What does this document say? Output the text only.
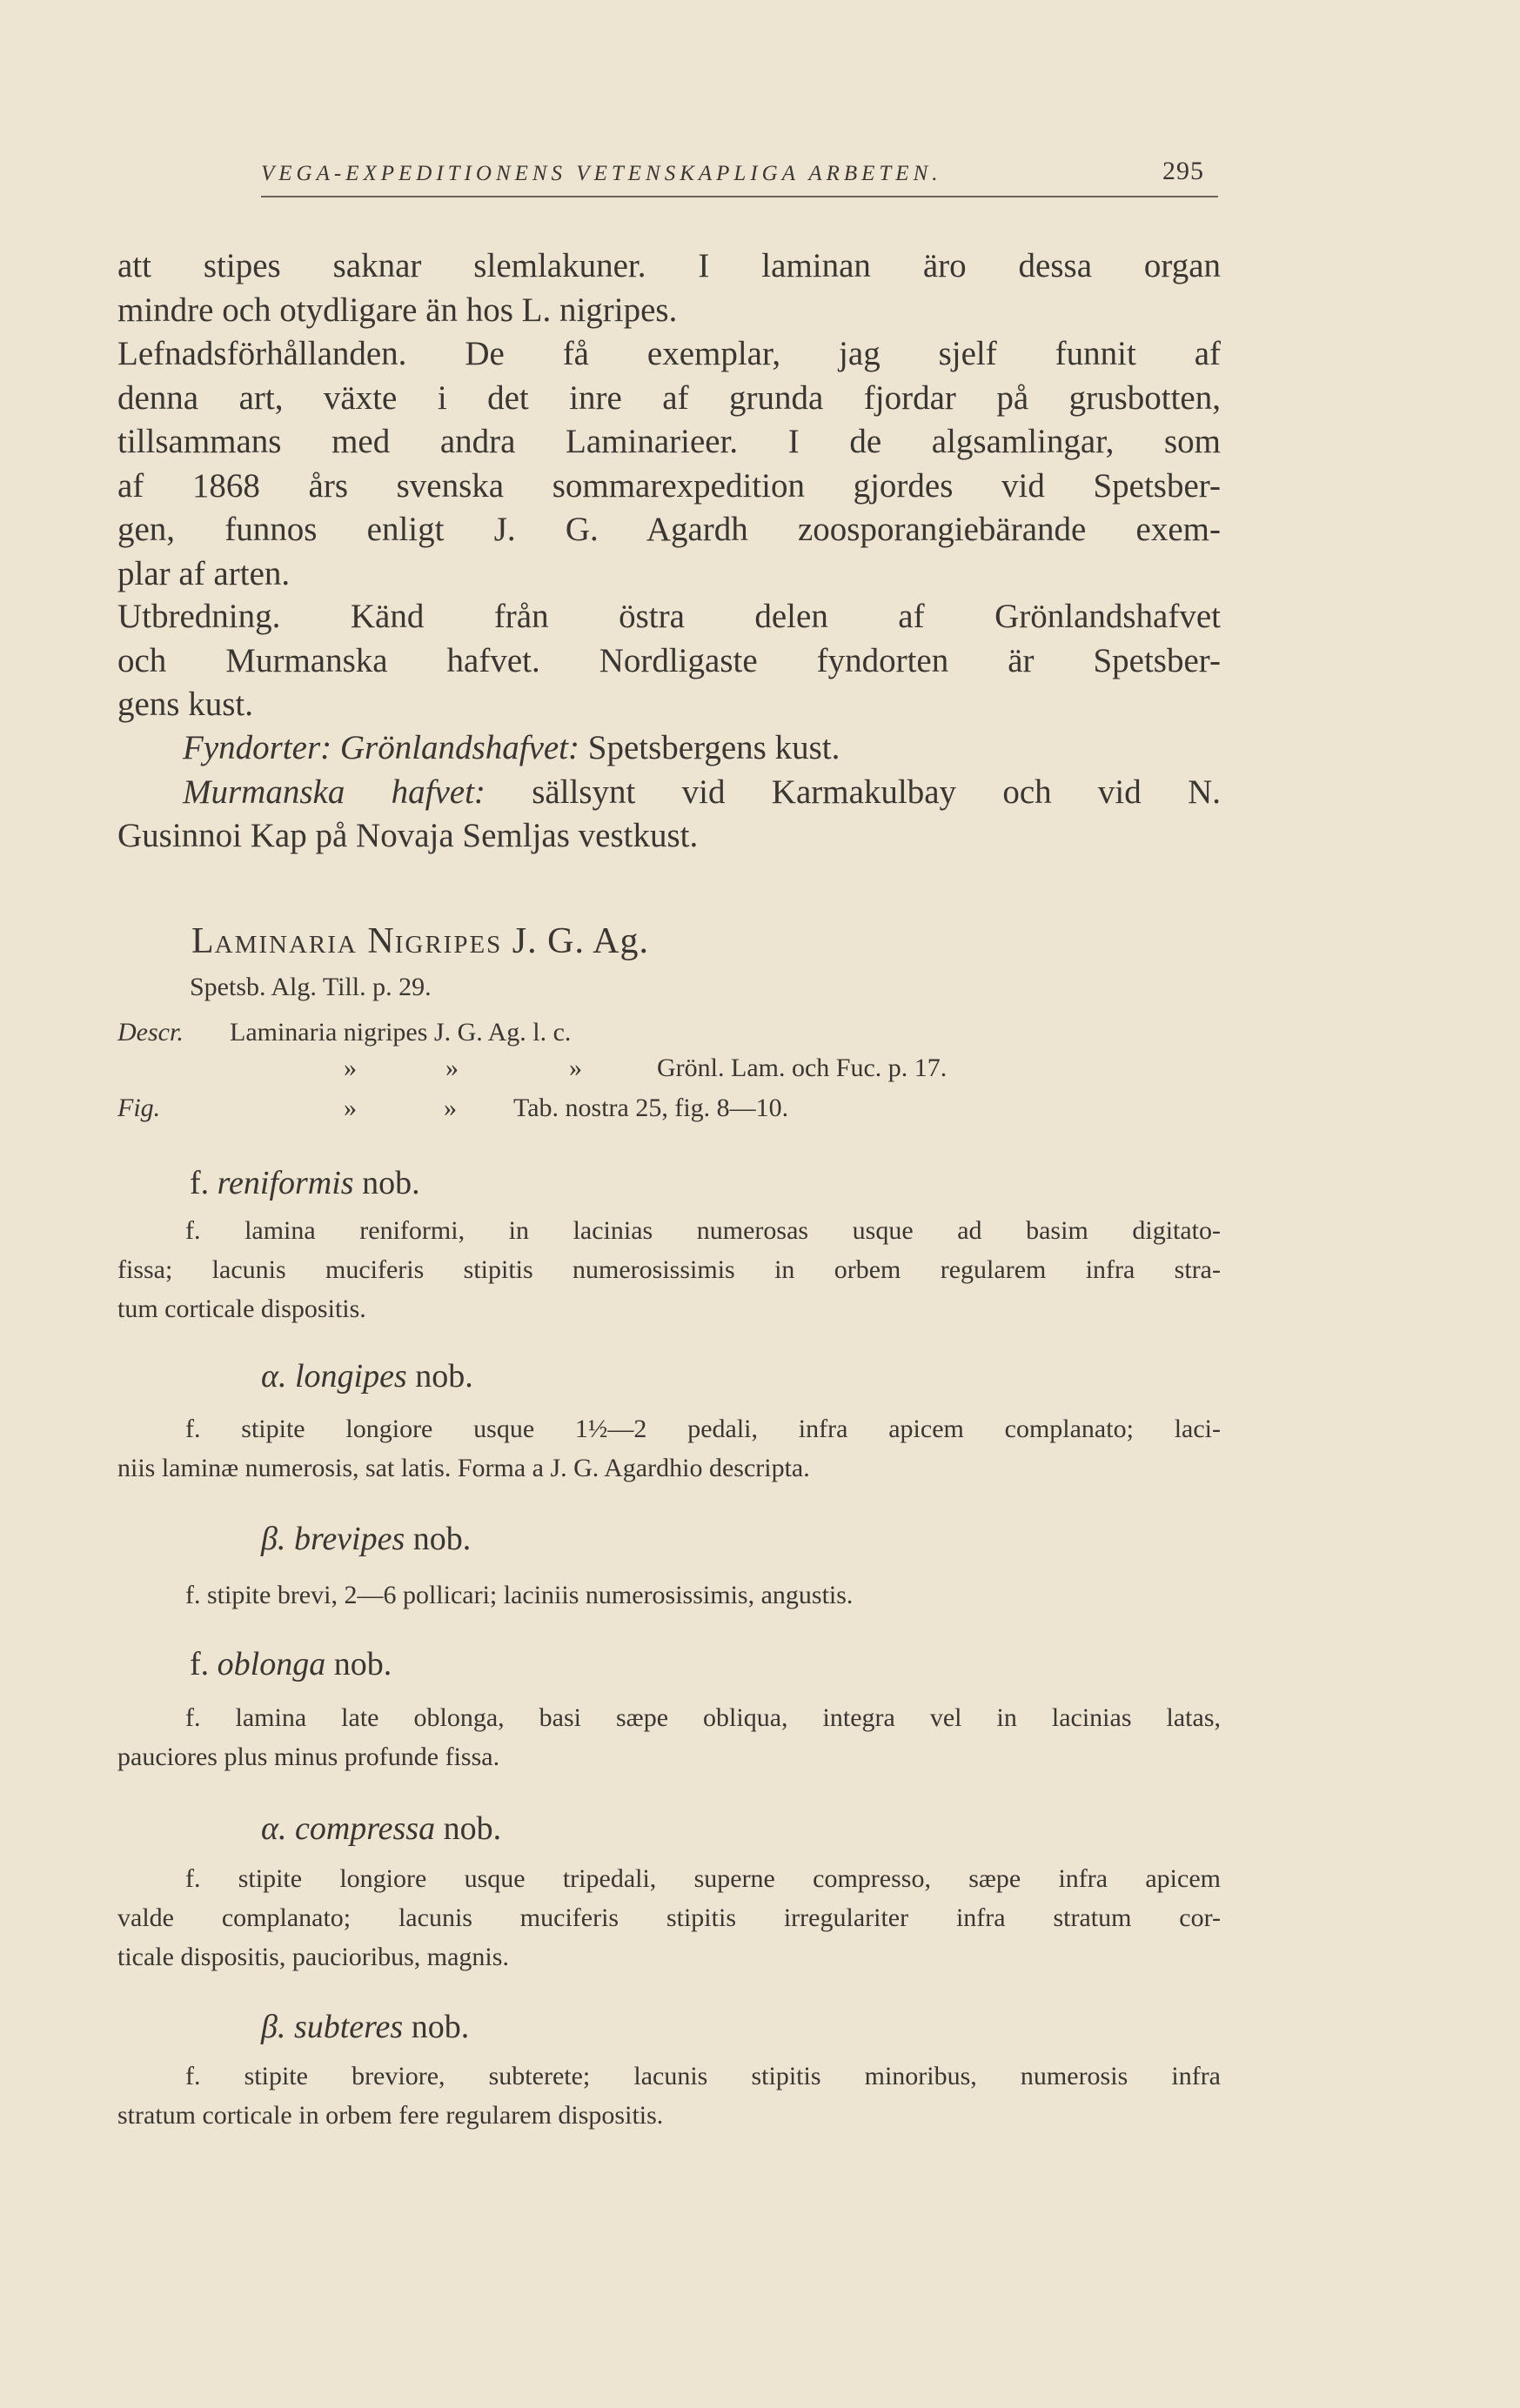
VEGA-EXPEDITIONENS VETENSKAPLIGA ARBETEN.	295
att stipes saknar slemlakuner. I laminan äro dessa organ
mindre och otydligare än hos L. nigripes.
Lefnadsförhållanden. De få exemplar, jag sjelf funnit af
denna art, växte i det inre af grunda fjordar på grusbotten,
tillsammans med andra Laminarieer. I de algsamlingar, som
af 1868 års svenska sommarexpedition gjordes vid Spetsber-
gen, funnos enligt J. G. Agardh zoosporangiebärande exem-
plar af arten.
Utbredning. Känd från östra delen af Grönlandshafvet
och Murmanska hafvet. Nordligaste fyndorten är Spetsber-
gens kust.
Fyndorter: Grönlandshafvet: Spetsbergens kust.
Murmanska hafvet: sällsynt vid Karmakulbay och vid N.
Gusinnoi Kap på Novaja Semljas vestkust.
Laminaria Nigripes J. G. Ag.
Spetsb. Alg. Till. p. 29.
Descr. Laminaria nigripes J. G. Ag. l. c.
»	»	»	Grönl. Lam. och Fuc. p. 17.
Fig.	»	» Tab. nostra 25, fig. 8—10.
f. reniformis nob.
f. lamina reniformi, in lacinias numerosas usque ad basim digitato-
fissa; lacunis muciferis stipitis numerosissimis in orbem regularem infra stra-
tum corticale dispositis.
α. longipes nob.
f. stipite longiore usque 1½—2 pedali, infra apicem complanato; laci-
niis laminæ numerosis, sat latis. Forma a J. G. Agardhio descripta.
β. brevipes nob.
f. stipite brevi, 2—6 pollicari; laciniis numerosissimis, angustis.
f. oblonga nob.
f. lamina late oblonga, basi sæpe obliqua, integra vel in lacinias latas,
pauciores plus minus profunde fissa.
α. compressa nob.
f. stipite longiore usque tripedali, superne compresso, sæpe infra apicem
valde complanato; lacunis muciferis stipitis irregulariter infra stratum cor-
ticale dispositis, paucioribus, magnis.
β. subteres nob.
f. stipite breviore, subterete; lacunis stipitis minoribus, numerosis infra
stratum corticale in orbem fere regularem dispositis.
